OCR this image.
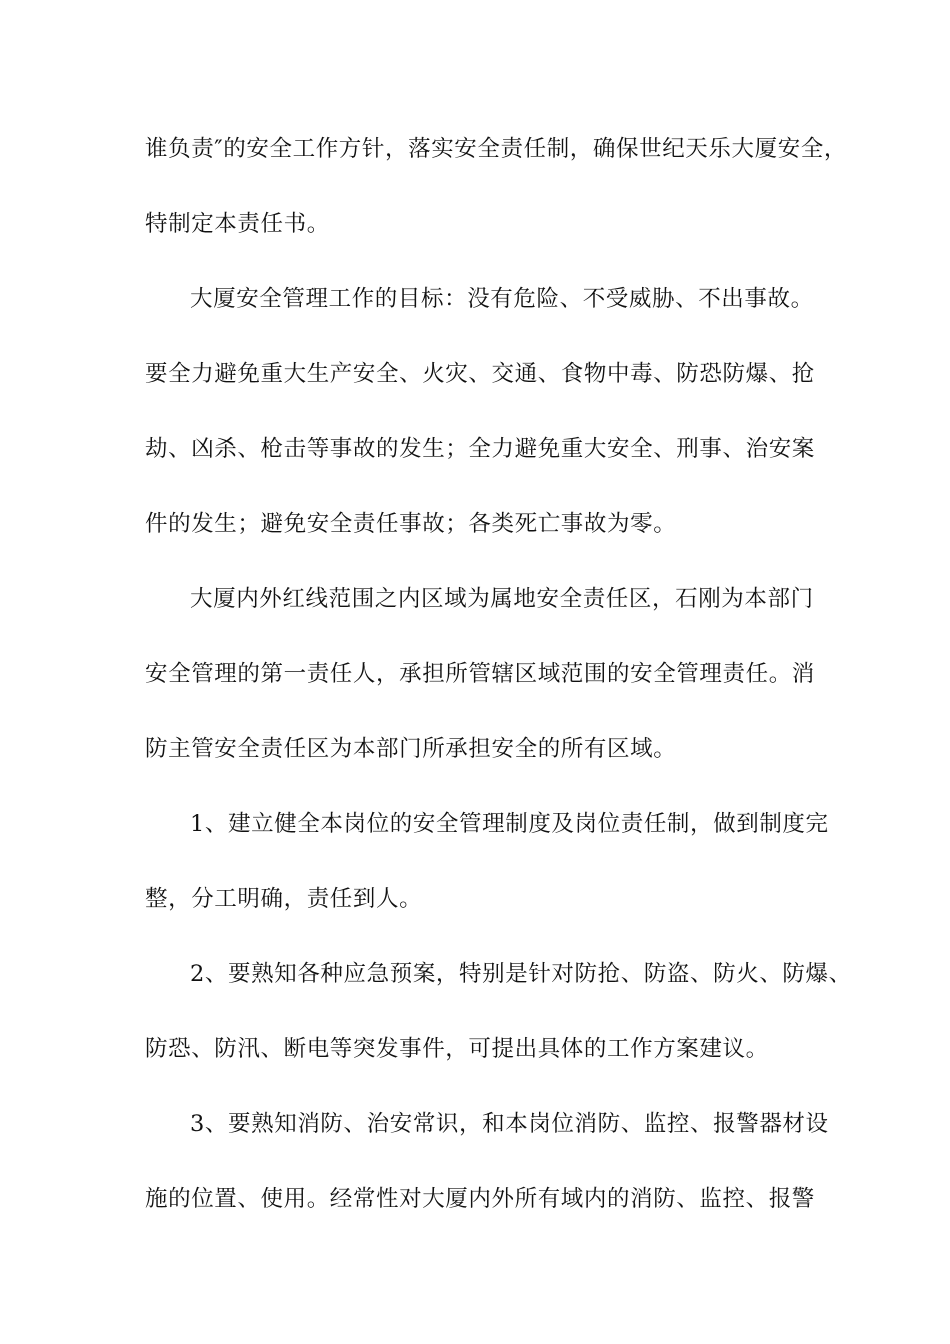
谁负责″的安全工作方针，落实安全责任制，确保世纪天乐大厦安全，
特制定本责任书。
大厦安全管理工作的目标：没有危险、不受威胁、不出事故。
要全力避免重大生产安全、火灾、交通、食物中毒、防恐防爆、抢
劫、凶杀、枪击等事故的发生；全力避免重大安全、刑事、治安案
件的发生；避免安全责任事故；各类死亡事故为零。
大厦内外红线范围之内区域为属地安全责任区，石刚为本部门
安全管理的第一责任人，承担所管辖区域范围的安全管理责任。消
防主管安全责任区为本部门所承担安全的所有区域。
1、建立健全本岗位的安全管理制度及岗位责任制，做到制度完
整，分工明确，责任到人。
2、要熟知各种应急预案，特别是针对防抢、防盗、防火、防爆、
防恐、防汛、断电等突发事件，可提出具体的工作方案建议。
3、要熟知消防、治安常识，和本岗位消防、监控、报警器材设
施的位置、使用。经常性对大厦内外所有域内的消防、监控、报警
